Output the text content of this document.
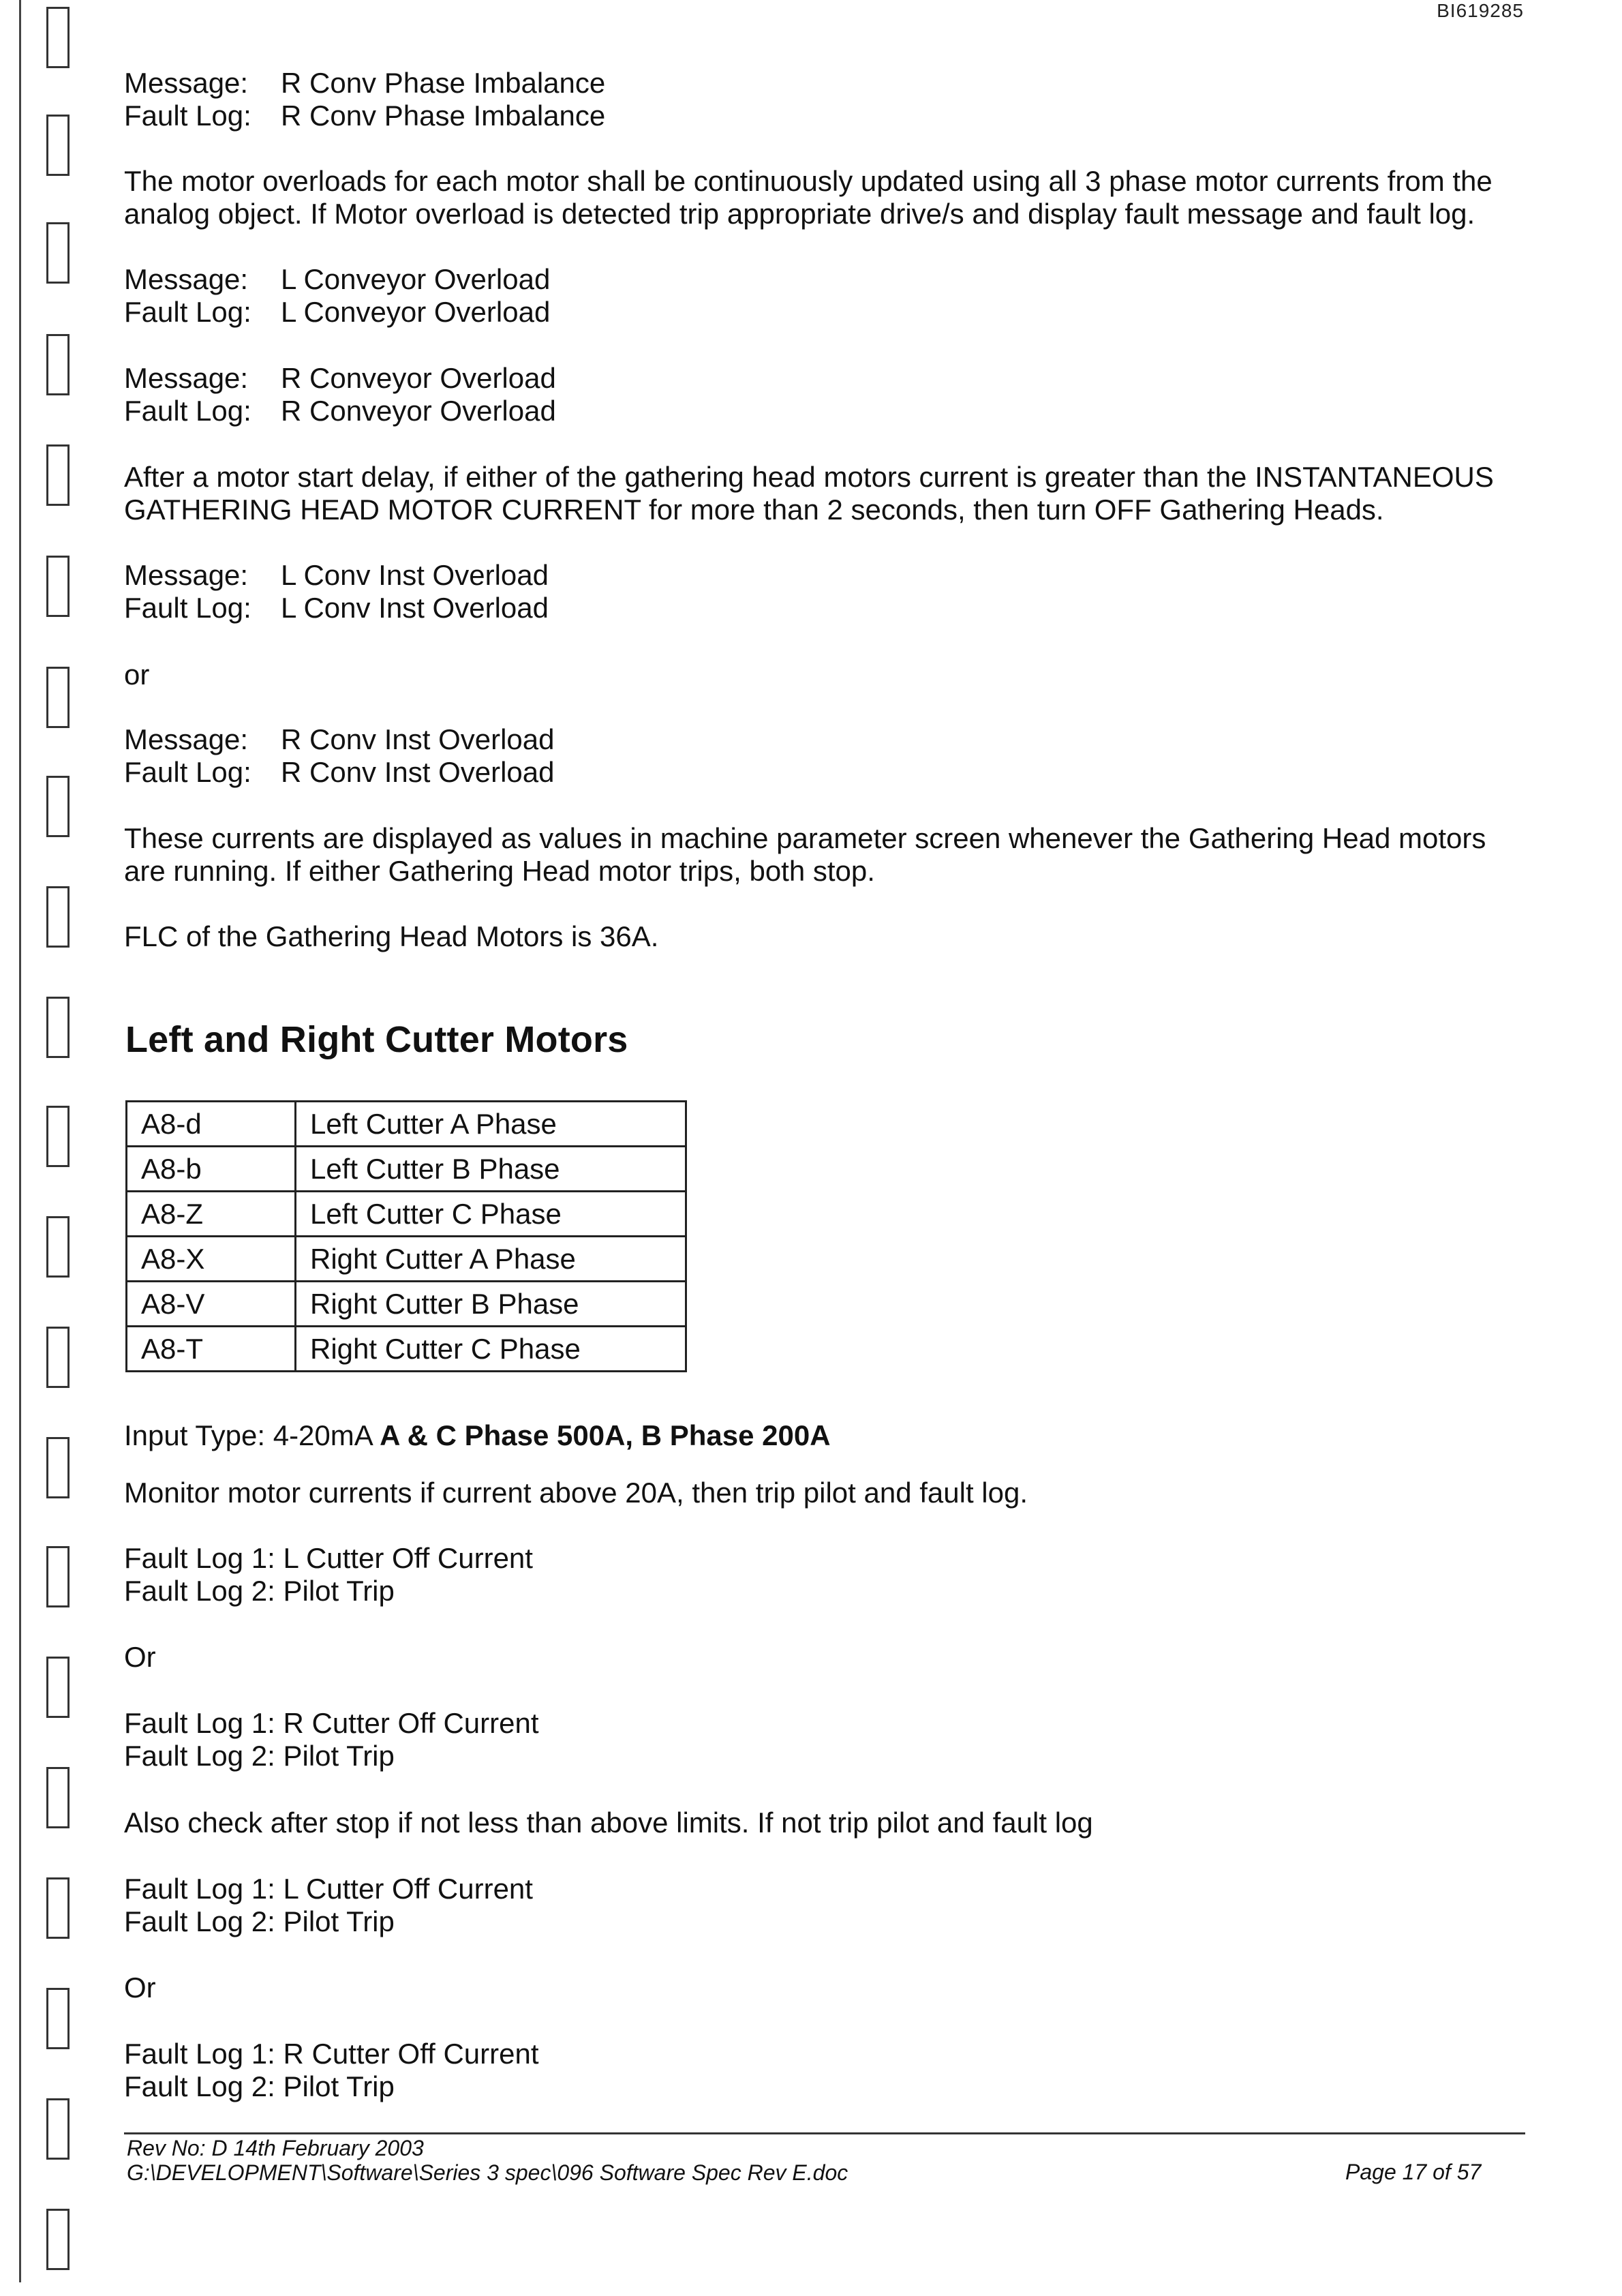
BI619285
Message:	R Conv Phase Imbalance
Fault Log:	R Conv Phase Imbalance
The motor overloads for each motor shall be continuously updated using all 3 phase motor currents from the analog object. If Motor overload is detected trip appropriate drive/s and display fault message and fault log.
Message:	L Conveyor Overload
Fault Log:	L Conveyor Overload
Message:	R Conveyor Overload
Fault Log:	R Conveyor Overload
After a motor start delay, if either of the gathering head motors current is greater than the INSTANTANEOUS GATHERING HEAD MOTOR CURRENT for more than 2 seconds, then turn OFF Gathering Heads.
Message:	L Conv Inst Overload
Fault Log:	L Conv Inst Overload
or
Message:	R Conv Inst Overload
Fault Log:	R Conv Inst Overload
These currents are displayed as values in machine parameter screen whenever the Gathering Head motors are running. If either Gathering Head motor trips, both stop.
FLC of the Gathering Head Motors is 36A.
Left and Right Cutter Motors
A8-d	Left Cutter A Phase
A8-b	Left Cutter B Phase
A8-Z	Left Cutter C Phase
A8-X	Right Cutter A Phase
A8-V	Right Cutter B Phase
A8-T	Right Cutter C Phase
Input Type: 4-20mA A & C Phase 500A, B Phase 200A
Monitor motor currents if current above 20A, then trip pilot and fault log.
Fault Log 1: L Cutter Off Current
Fault Log 2: Pilot Trip
Or
Fault Log 1: R Cutter Off Current
Fault Log 2: Pilot Trip
Also check after stop if not less than above limits. If not trip pilot and fault log
Fault Log 1: L Cutter Off Current
Fault Log 2: Pilot Trip
Or
Fault Log 1: R Cutter Off Current
Fault Log 2: Pilot Trip
Rev No: D 14th February 2003
G:\DEVELOPMENT\Software\Series 3 spec\096 Software Spec Rev E.doc	Page 17 of 57
